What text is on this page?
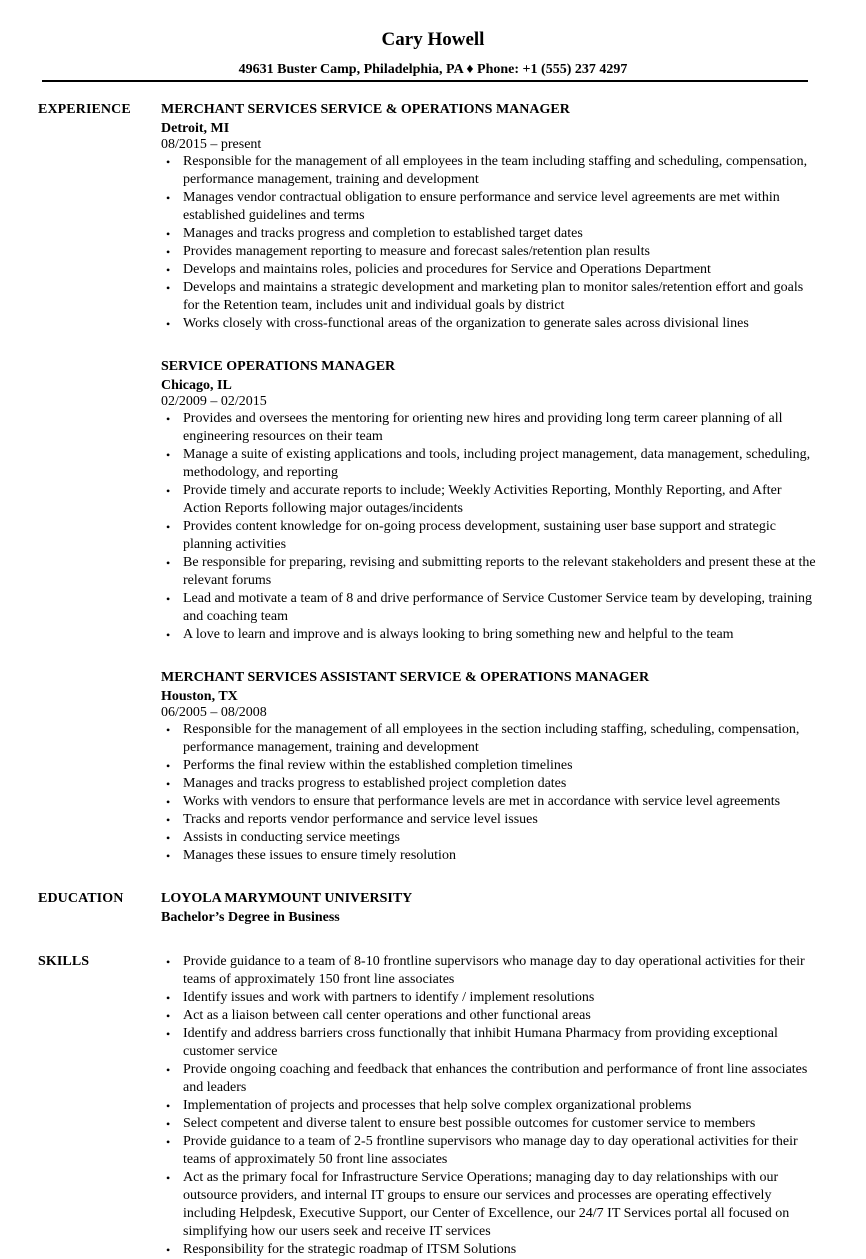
Cary Howell
49631 Buster Camp, Philadelphia, PA ♦ Phone: +1 (555) 237 4297
EXPERIENCE MERCHANT SERVICES SERVICE & OPERATIONS MANAGER
Detroit, MI
08/2015 – present
• Responsible for the management of all employees in the team including staffing and scheduling, compensation, performance management, training and development
• Manages vendor contractual obligation to ensure performance and service level agreements are met within established guidelines and terms
• Manages and tracks progress and completion to established target dates
• Provides management reporting to measure and forecast sales/retention plan results
• Develops and maintains roles, policies and procedures for Service and Operations Department
• Develops and maintains a strategic development and marketing plan to monitor sales/retention effort and goals for the Retention team, includes unit and individual goals by district
• Works closely with cross-functional areas of the organization to generate sales across divisional lines
SERVICE OPERATIONS MANAGER
Chicago, IL
02/2009 – 02/2015
• Provides and oversees the mentoring for orienting new hires and providing long term career planning of all engineering resources on their team
• Manage a suite of existing applications and tools, including project management, data management, scheduling, methodology, and reporting
• Provide timely and accurate reports to include; Weekly Activities Reporting, Monthly Reporting, and After Action Reports following major outages/incidents
• Provides content knowledge for on-going process development, sustaining user base support and strategic planning activities
• Be responsible for preparing, revising and submitting reports to the relevant stakeholders and present these at the relevant forums
• Lead and motivate a team of 8 and drive performance of Service Customer Service team by developing, training and coaching team
• A love to learn and improve and is always looking to bring something new and helpful to the team
MERCHANT SERVICES ASSISTANT SERVICE & OPERATIONS MANAGER
Houston, TX
06/2005 – 08/2008
• Responsible for the management of all employees in the section including staffing, scheduling, compensation, performance management, training and development
• Performs the final review within the established completion timelines
• Manages and tracks progress to established project completion dates
• Works with vendors to ensure that performance levels are met in accordance with service level agreements
• Tracks and reports vendor performance and service level issues
• Assists in conducting service meetings
• Manages these issues to ensure timely resolution
EDUCATION	LOYOLA MARYMOUNT UNIVERSITY
Bachelor’s Degree in Business
SKILLS	• Provide guidance to a team of 8-10 frontline supervisors who manage day to day operational activities for their teams of approximately 150 front line associates
• Identify issues and work with partners to identify / implement resolutions
• Act as a liaison between call center operations and other functional areas
• Identify and address barriers cross functionally that inhibit Humana Pharmacy from providing exceptional customer service
• Provide ongoing coaching and feedback that enhances the contribution and performance of front line associates and leaders
• Implementation of projects and processes that help solve complex organizational problems
• Select competent and diverse talent to ensure best possible outcomes for customer service to members
• Provide guidance to a team of 2-5 frontline supervisors who manage day to day operational activities for their teams of approximately 50 front line associates
• Act as the primary focal for Infrastructure Service Operations; managing day to day relationships with our outsource providers, and internal IT groups to ensure our services and processes are operating effectively including Helpdesk, Executive Support, our Center of Excellence, our 24/7 IT Services portal all focused on simplifying how our users seek and receive IT services
• Responsibility for the strategic roadmap of ITSM Solutions
